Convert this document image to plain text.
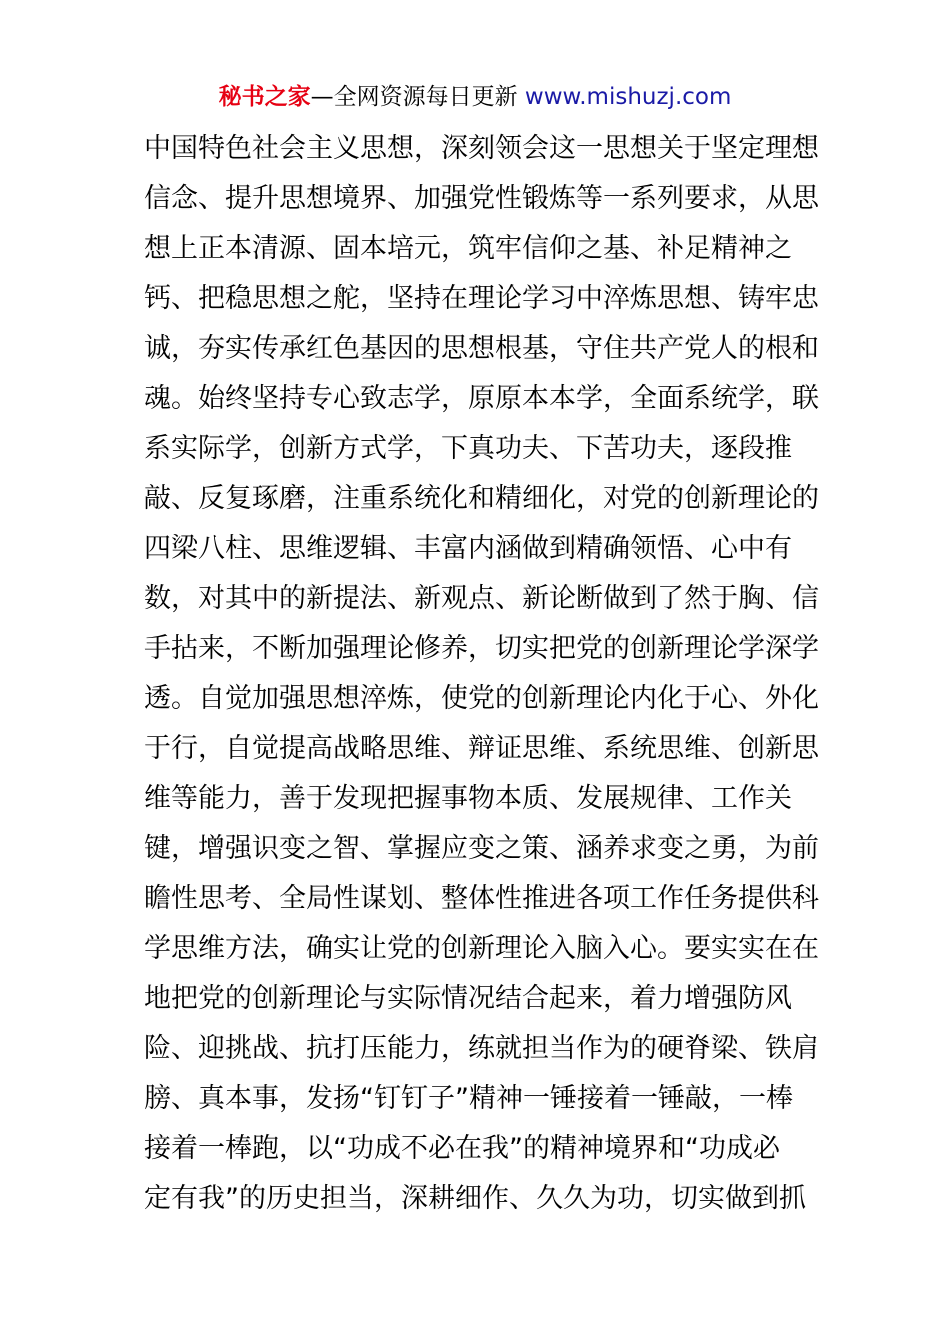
秘书之家—全网资源每日更新 www.mishuzj.com
中国特色社会主义思想，深刻领会这一思想关于坚定理想
信念、提升思想境界、加强党性锻炼等一系列要求，从思
想上正本清源、固本培元，筑牢信仰之基、补足精神之
钙、把稳思想之舵，坚持在理论学习中淬炼思想、铸牢忠
诚，夯实传承红色基因的思想根基，守住共产党人的根和
魂。始终坚持专心致志学，原原本本学，全面系统学，联
系实际学，创新方式学，下真功夫、下苦功夫，逐段推
敲、反复琢磨，注重系统化和精细化，对党的创新理论的
四梁八柱、思维逻辑、丰富内涵做到精确领悟、心中有
数，对其中的新提法、新观点、新论断做到了然于胸、信
手拈来，不断加强理论修养，切实把党的创新理论学深学
透。自觉加强思想淬炼，使党的创新理论内化于心、外化
于行，自觉提高战略思维、辩证思维、系统思维、创新思
维等能力，善于发现把握事物本质、发展规律、工作关
键，增强识变之智、掌握应变之策、涵养求变之勇，为前
瞻性思考、全局性谋划、整体性推进各项工作任务提供科
学思维方法，确实让党的创新理论入脑入心。要实实在在
地把党的创新理论与实际情况结合起来，着力增强防风
险、迎挑战、抗打压能力，练就担当作为的硬脊梁、铁肩
膀、真本事，发扬“钉钉子”精神一锤接着一锤敲，一棒
接着一棒跑，以“功成不必在我”的精神境界和“功成必
定有我”的历史担当，深耕细作、久久为功，切实做到抓
